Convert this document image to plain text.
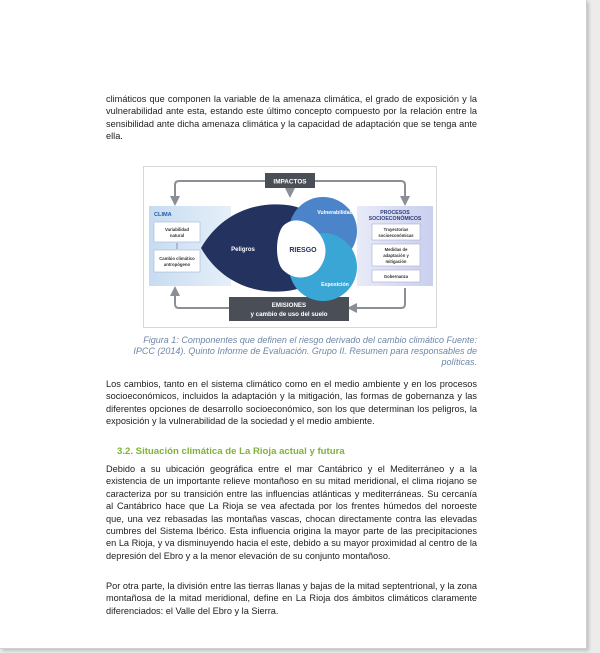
climáticos que componen la variable de la amenaza climática, el grado de exposición y la vulnerabilidad ante esta, estando este último concepto compuesto por la relación entre la sensibilidad ante dicha amenaza climática y la capacidad de adaptación que se tenga ante ella.

IMPACTOS
EMISIONES
y cambio de uso del suelo
CLIMA
Variabilidad
natural
Cambio climático
antropógeno
PROCESOS
SOCIOECONÓMICOS
Trayectorias
socioeconómicas
Medidas de
adaptación y
mitigación
Gobernanza
Peligros
Vulnerabilidad
Exposición
RIESGO

Figura 1: Componentes que definen el riesgo derivado del cambio climático Fuente: IPCC (2014). Quinto Informe de Evaluación. Grupo II. Resumen para responsables de políticas.

Los cambios, tanto en el sistema climático como en el medio ambiente y en los procesos socioeconómicos, incluidos la adaptación y la mitigación, las formas de gobernanza y las diferentes opciones de desarrollo socioeconómico, son los que determinan los peligros, la exposición y la vulnerabilidad de la sociedad y el medio ambiente.

3.2. Situación climática de La Rioja actual y futura

Debido a su ubicación geográfica entre el mar Cantábrico y el Mediterráneo y a la existencia de un importante relieve montañoso en su mitad meridional, el clima riojano se caracteriza por su transición entre las influencias atlánticas y mediterráneas. Su cercanía al Cantábrico hace que La Rioja se vea afectada por los frentes húmedos del noroeste que, una vez rebasadas las montañas vascas, chocan directamente contra las elevadas cumbres del Sistema Ibérico. Esta influencia origina la mayor parte de las precipitaciones en La Rioja, y va disminuyendo hacia el este, debido a su mayor proximidad al centro de la depresión del Ebro y a la menor elevación de su conjunto montañoso.

Por otra parte, la división entre las tierras llanas y bajas de la mitad septentrional, y la zona montañosa de la mitad meridional, define en La Rioja dos ámbitos climáticos claramente diferenciados: el Valle del Ebro y la Sierra.
